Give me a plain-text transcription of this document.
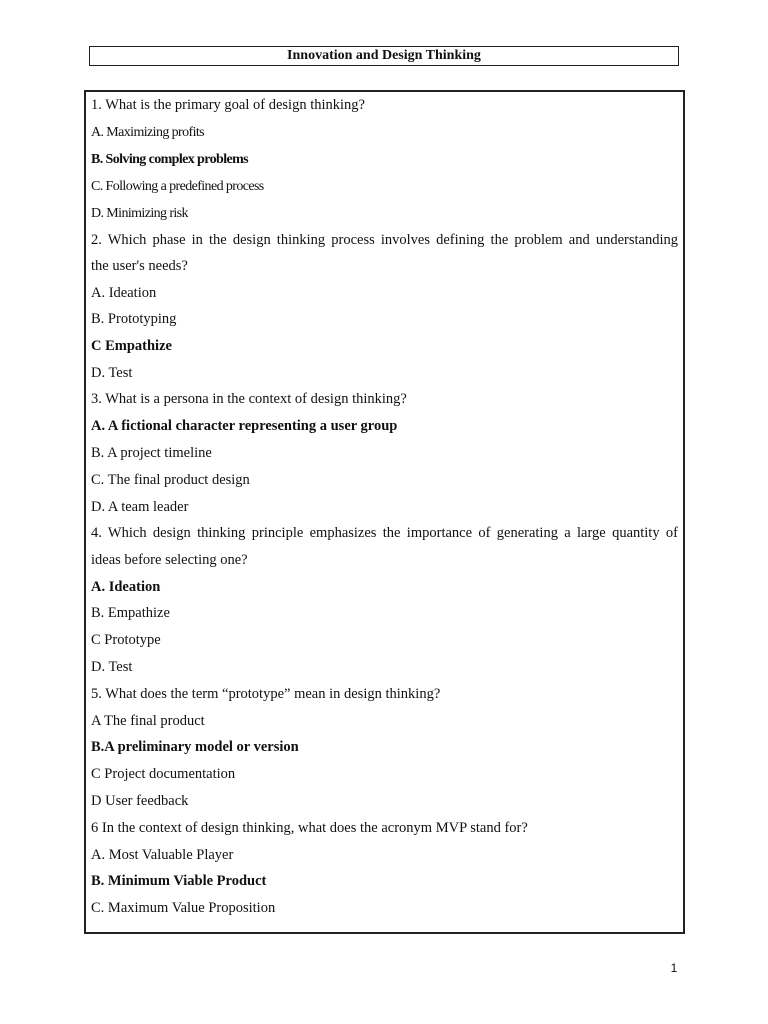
Innovation and Design Thinking
1. What is the primary goal of design thinking?
A. Maximizing profits
B. Solving complex problems
C. Following a predefined process
D. Minimizing risk
2. Which phase in the design thinking process involves defining the problem and understanding
the user's needs?
A. Ideation
B. Prototyping
C Empathize
D. Test
3. What is a persona in the context of design thinking?
A. A fictional character representing a user group
B. A project timeline
C. The final product design
D. A team leader
4. Which design thinking principle emphasizes the importance of generating a large quantity of
ideas before selecting one?
A. Ideation
B. Empathize
C Prototype
D. Test
5. What does the term “prototype” mean in design thinking?
A The final product
B.A preliminary model or version
C Project documentation
D User feedback
6 In the context of design thinking, what does the acronym MVP stand for?
A. Most Valuable Player
B. Minimum Viable Product
C. Maximum Value Proposition
1
